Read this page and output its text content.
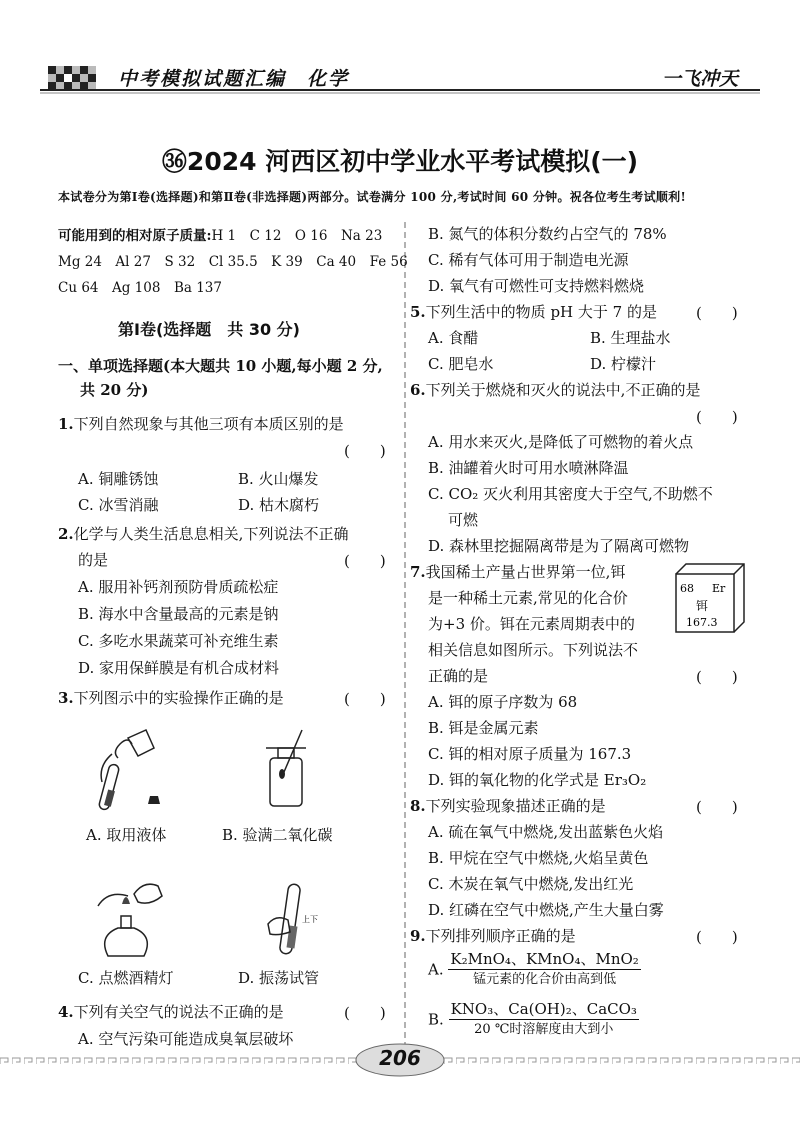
中考模拟试题汇编　化学	一飞冲天
㊱2024 河西区初中学业水平考试模拟(一)
本试卷分为第Ⅰ卷(选择题)和第Ⅱ卷(非选择题)两部分。试卷满分 100 分,考试时间 60 分钟。祝各位考生考试顺利!
可能用到的相对原子质量:H 1　C 12　O 16　Na 23
Mg 24　Al 27　S 32　Cl 35.5　K 39　Ca 40　Fe 56
Cu 64　Ag 108　Ba 137
第Ⅰ卷(选择题　共 30 分)
一、单项选择题(本大题共 10 小题,每小题 2 分,
共 20 分)
1.下列自然现象与其他三项有本质区别的是
(　　)
A. 铜雕锈蚀	B. 火山爆发
C. 冰雪消融	D. 枯木腐朽
2.化学与人类生活息息相关,下列说法不正确
的是	(　　)
A. 服用补钙剂预防骨质疏松症
B. 海水中含量最高的元素是钠
C. 多吃水果蔬菜可补充维生素
D. 家用保鲜膜是有机合成材料
3.下列图示中的实验操作正确的是	(　　)
A. 取用液体	B. 验满二氧化碳
上下
C. 点燃酒精灯	D. 振荡试管
4.下列有关空气的说法不正确的是	(　　)
A. 空气污染可能造成臭氧层破坏
B. 氮气的体积分数约占空气的 78%
C. 稀有气体可用于制造电光源
D. 氧气有可燃性可支持燃料燃烧
5.下列生活中的物质 pH 大于 7 的是	(　　)
A. 食醋	B. 生理盐水
C. 肥皂水	D. 柠檬汁
6.下列关于燃烧和灭火的说法中,不正确的是
(　　)
A. 用水来灭火,是降低了可燃物的着火点
B. 油罐着火时可用水喷淋降温
C. CO₂ 灭火利用其密度大于空气,不助燃不
可燃
D. 森林里挖掘隔离带是为了隔离可燃物
7.我国稀土产量占世界第一位,铒
是一种稀土元素,常见的化合价
为+3 价。铒在元素周期表中的
相关信息如图所示。下列说法不
正确的是	(　　)
68 Er
铒
167.3
A. 铒的原子序数为 68
B. 铒是金属元素
C. 铒的相对原子质量为 167.3
D. 铒的氧化物的化学式是 Er₃O₂
8.下列实验现象描述正确的是	(　　)
A. 硫在氧气中燃烧,发出蓝紫色火焰
B. 甲烷在空气中燃烧,火焰呈黄色
C. 木炭在氧气中燃烧,发出红光
D. 红磷在空气中燃烧,产生大量白雾
9.下列排列顺序正确的是	(　　)
A. $\frac{\text{K₂MnO₄、KMnO₄、MnO₂}}{\text{锰元素的化合价由高到低}}$
B. $\frac{\text{KNO₃、Ca(OH)₂、CaCO₃}}{\text{20 ℃时溶解度由大到小}}$
206
